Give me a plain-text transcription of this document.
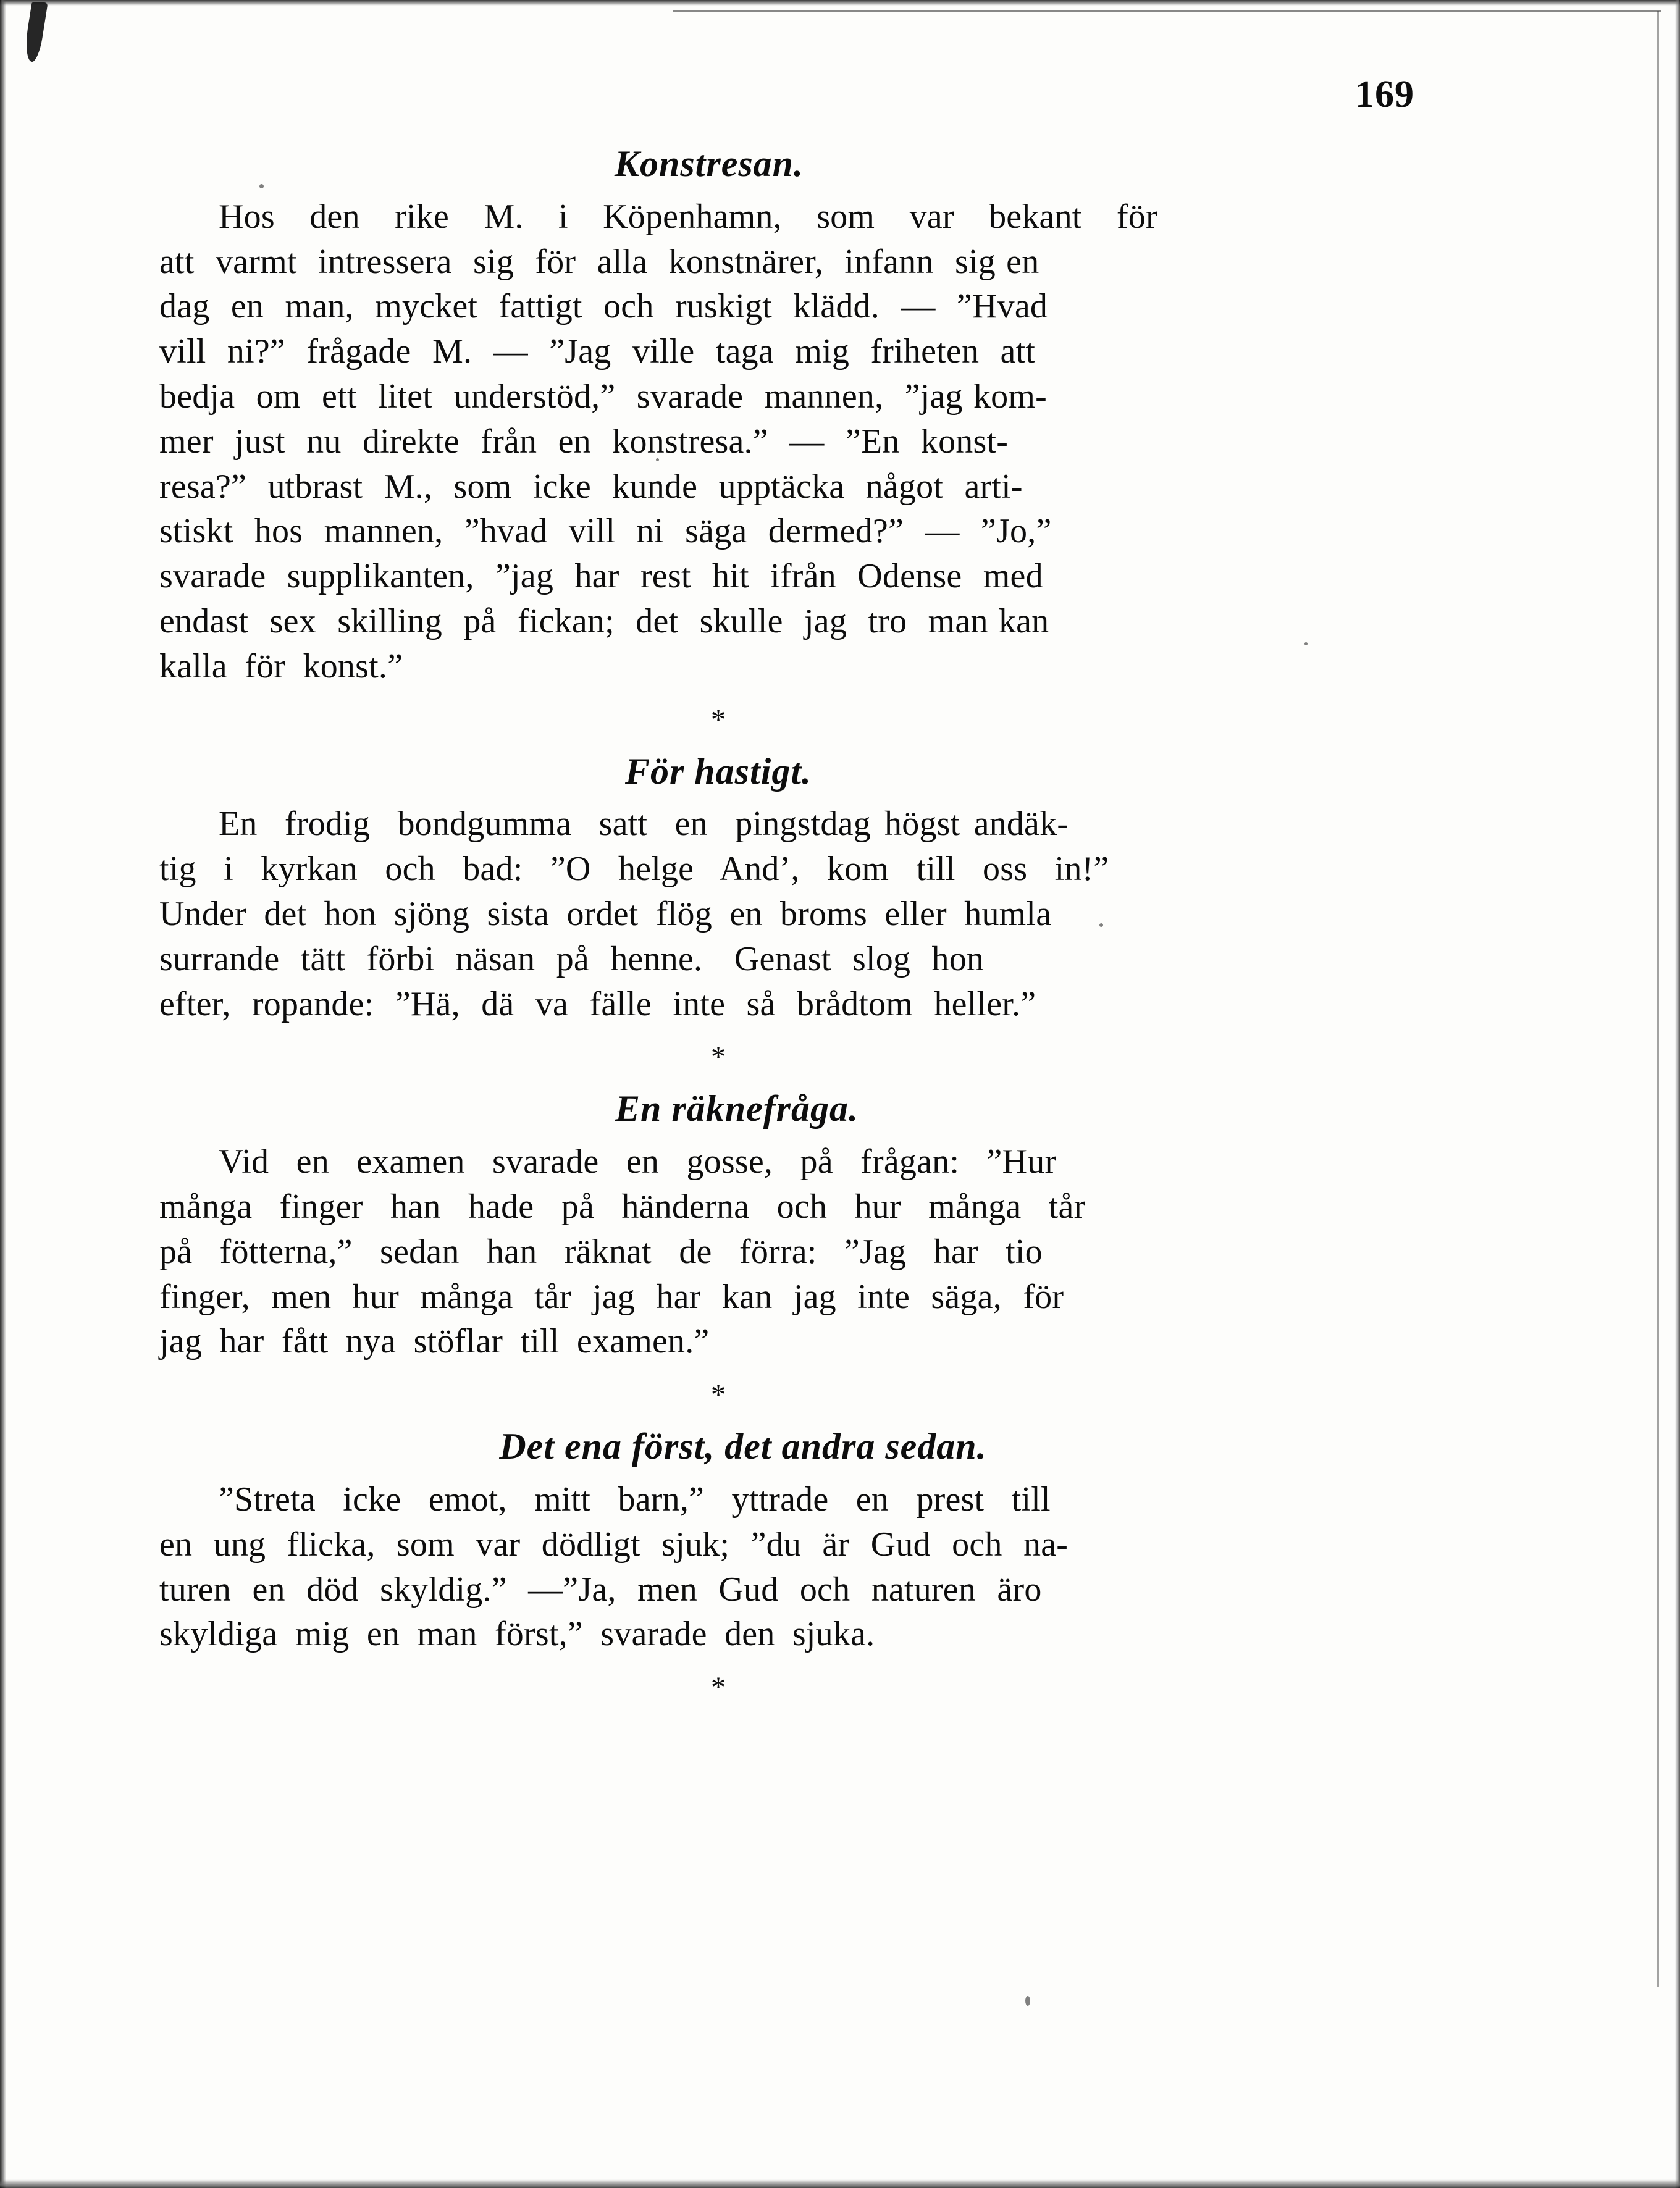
169
Konstresan.
Hos  den  rike  M.  i  Köpenhamn,  som  var  bekant  för
att  varmt  intressera  sig  för  alla  konstnärer,  infann  sig en
dag  en  man,  mycket  fattigt  och  ruskigt  klädd.  —  ”Hvad
vill  ni?”  frågade  M.  —  ”Jag  ville  taga  mig  friheten  att
bedja  om  ett  litet  understöd,”  svarade  mannen,  ”jag kom-
mer  just  nu  direkte  från  en  konstresa.”  —  ”En  konst-
resa?”  utbrast  M.,  som  icke  kunde  upptäcka  något  arti-
stiskt  hos  mannen,  ”hvad  vill  ni  säga  dermed?”  —  ”Jo,”
svarade  supplikanten,  ”jag  har  rest  hit  ifrån  Odense  med
endast  sex  skilling  på  fickan;  det  skulle  jag  tro  man kan
kalla  för  konst.”
*
För hastigt.
En  frodig  bondgumma  satt  en  pingstdag högst andäk-
tig  i  kyrkan  och  bad:  ”O  helge  And’,  kom  till  oss  in!”
Under  det  hon  sjöng  sista  ordet  flög  en  broms  eller  humla
surrande  tätt  förbi  näsan  på  henne.   Genast  slog  hon
efter,  ropande:  ”Hä,  dä  va  fälle  inte  så  brådtom  heller.”
*
En räknefråga.
Vid  en  examen  svarade  en  gosse,  på  frågan:  ”Hur
många  finger  han  hade  på  händerna  och  hur  många  tår
på  fötterna,”  sedan  han  räknat  de  förra:  ”Jag  har  tio
finger,  men  hur  många  tår  jag  har  kan  jag  inte  säga,  för
jag  har  fått  nya  stöflar  till  examen.”
*
Det ena först, det andra sedan.
”Streta  icke  emot,  mitt  barn,”  yttrade  en  prest  till
en  ung  flicka,  som  var  dödligt  sjuk;  ”du  är  Gud  och  na-
turen  en  död  skyldig.”  —”Ja,  men  Gud  och  naturen  äro
skyldiga  mig  en  man  först,”  svarade  den  sjuka.
*
